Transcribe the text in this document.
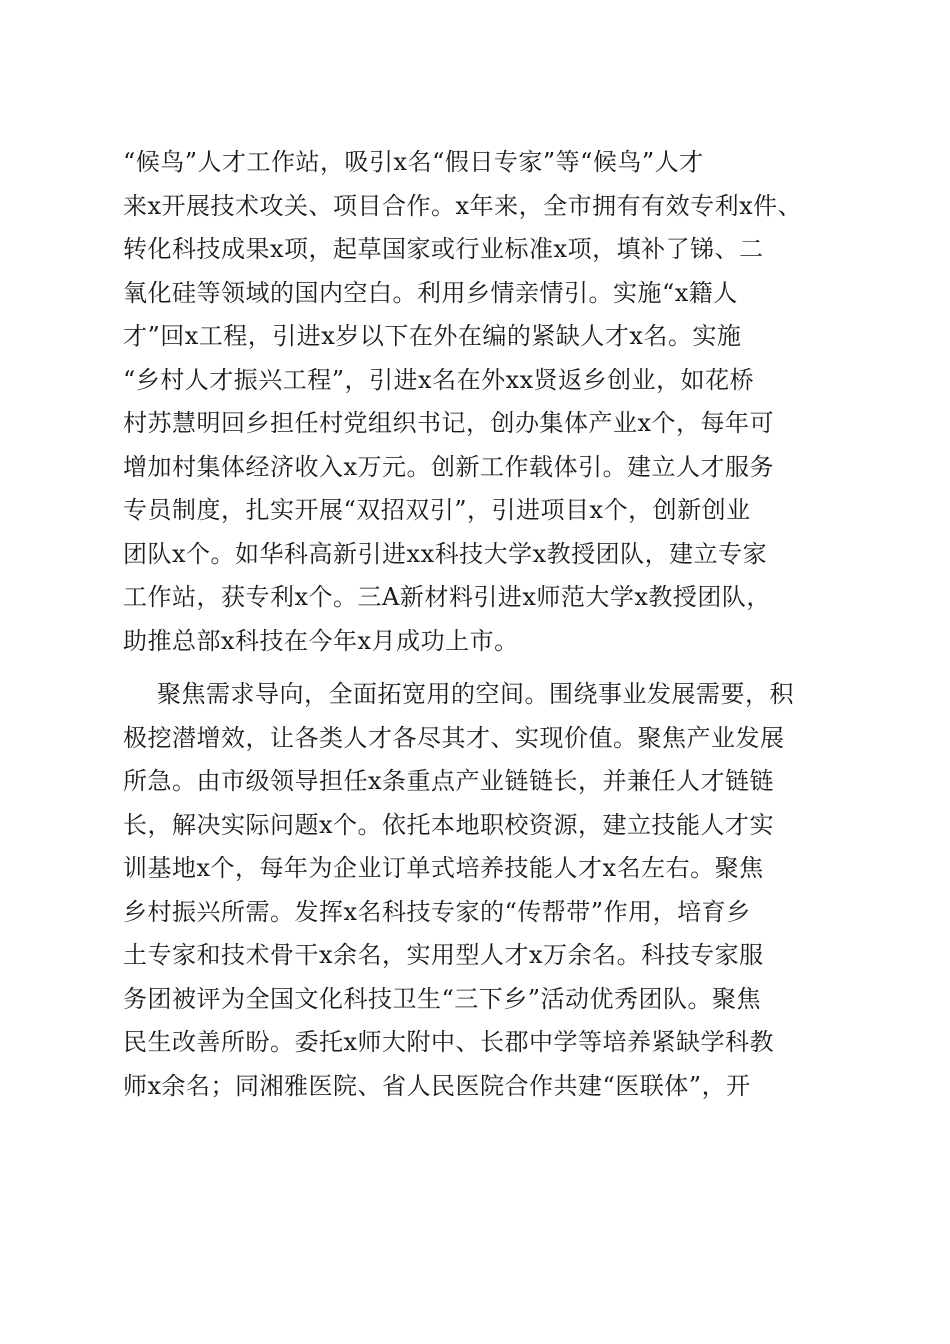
“候鸟”人才工作站，吸引x名“假日专家”等“候鸟”人才
来x开展技术攻关、项目合作。x年来，全市拥有有效专利x件、
转化科技成果x项，起草国家或行业标准x项，填补了锑、二
氧化硅等领域的国内空白。利用乡情亲情引。实施“x籍人
才”回x工程，引进x岁以下在外在编的紧缺人才x名。实施
“乡村人才振兴工程”，引进x名在外xx贤返乡创业，如花桥
村苏慧明回乡担任村党组织书记，创办集体产业x个，每年可
增加村集体经济收入x万元。创新工作载体引。建立人才服务
专员制度，扎实开展“双招双引”，引进项目x个，创新创业
团队x个。如华科高新引进xx科技大学x教授团队，建立专家
工作站，获专利x个。三A新材料引进x师范大学x教授团队，
助推总部x科技在今年x月成功上市。
聚焦需求导向，全面拓宽用的空间。围绕事业发展需要，积
极挖潜增效，让各类人才各尽其才、实现价值。聚焦产业发展
所急。由市级领导担任x条重点产业链链长，并兼任人才链链
长，解决实际问题x个。依托本地职校资源，建立技能人才实
训基地x个，每年为企业订单式培养技能人才x名左右。聚焦
乡村振兴所需。发挥x名科技专家的“传帮带”作用，培育乡
土专家和技术骨干x余名，实用型人才x万余名。科技专家服
务团被评为全国文化科技卫生“三下乡”活动优秀团队。聚焦
民生改善所盼。委托x师大附中、长郡中学等培养紧缺学科教
师x余名；同湘雅医院、省人民医院合作共建“医联体”，开
